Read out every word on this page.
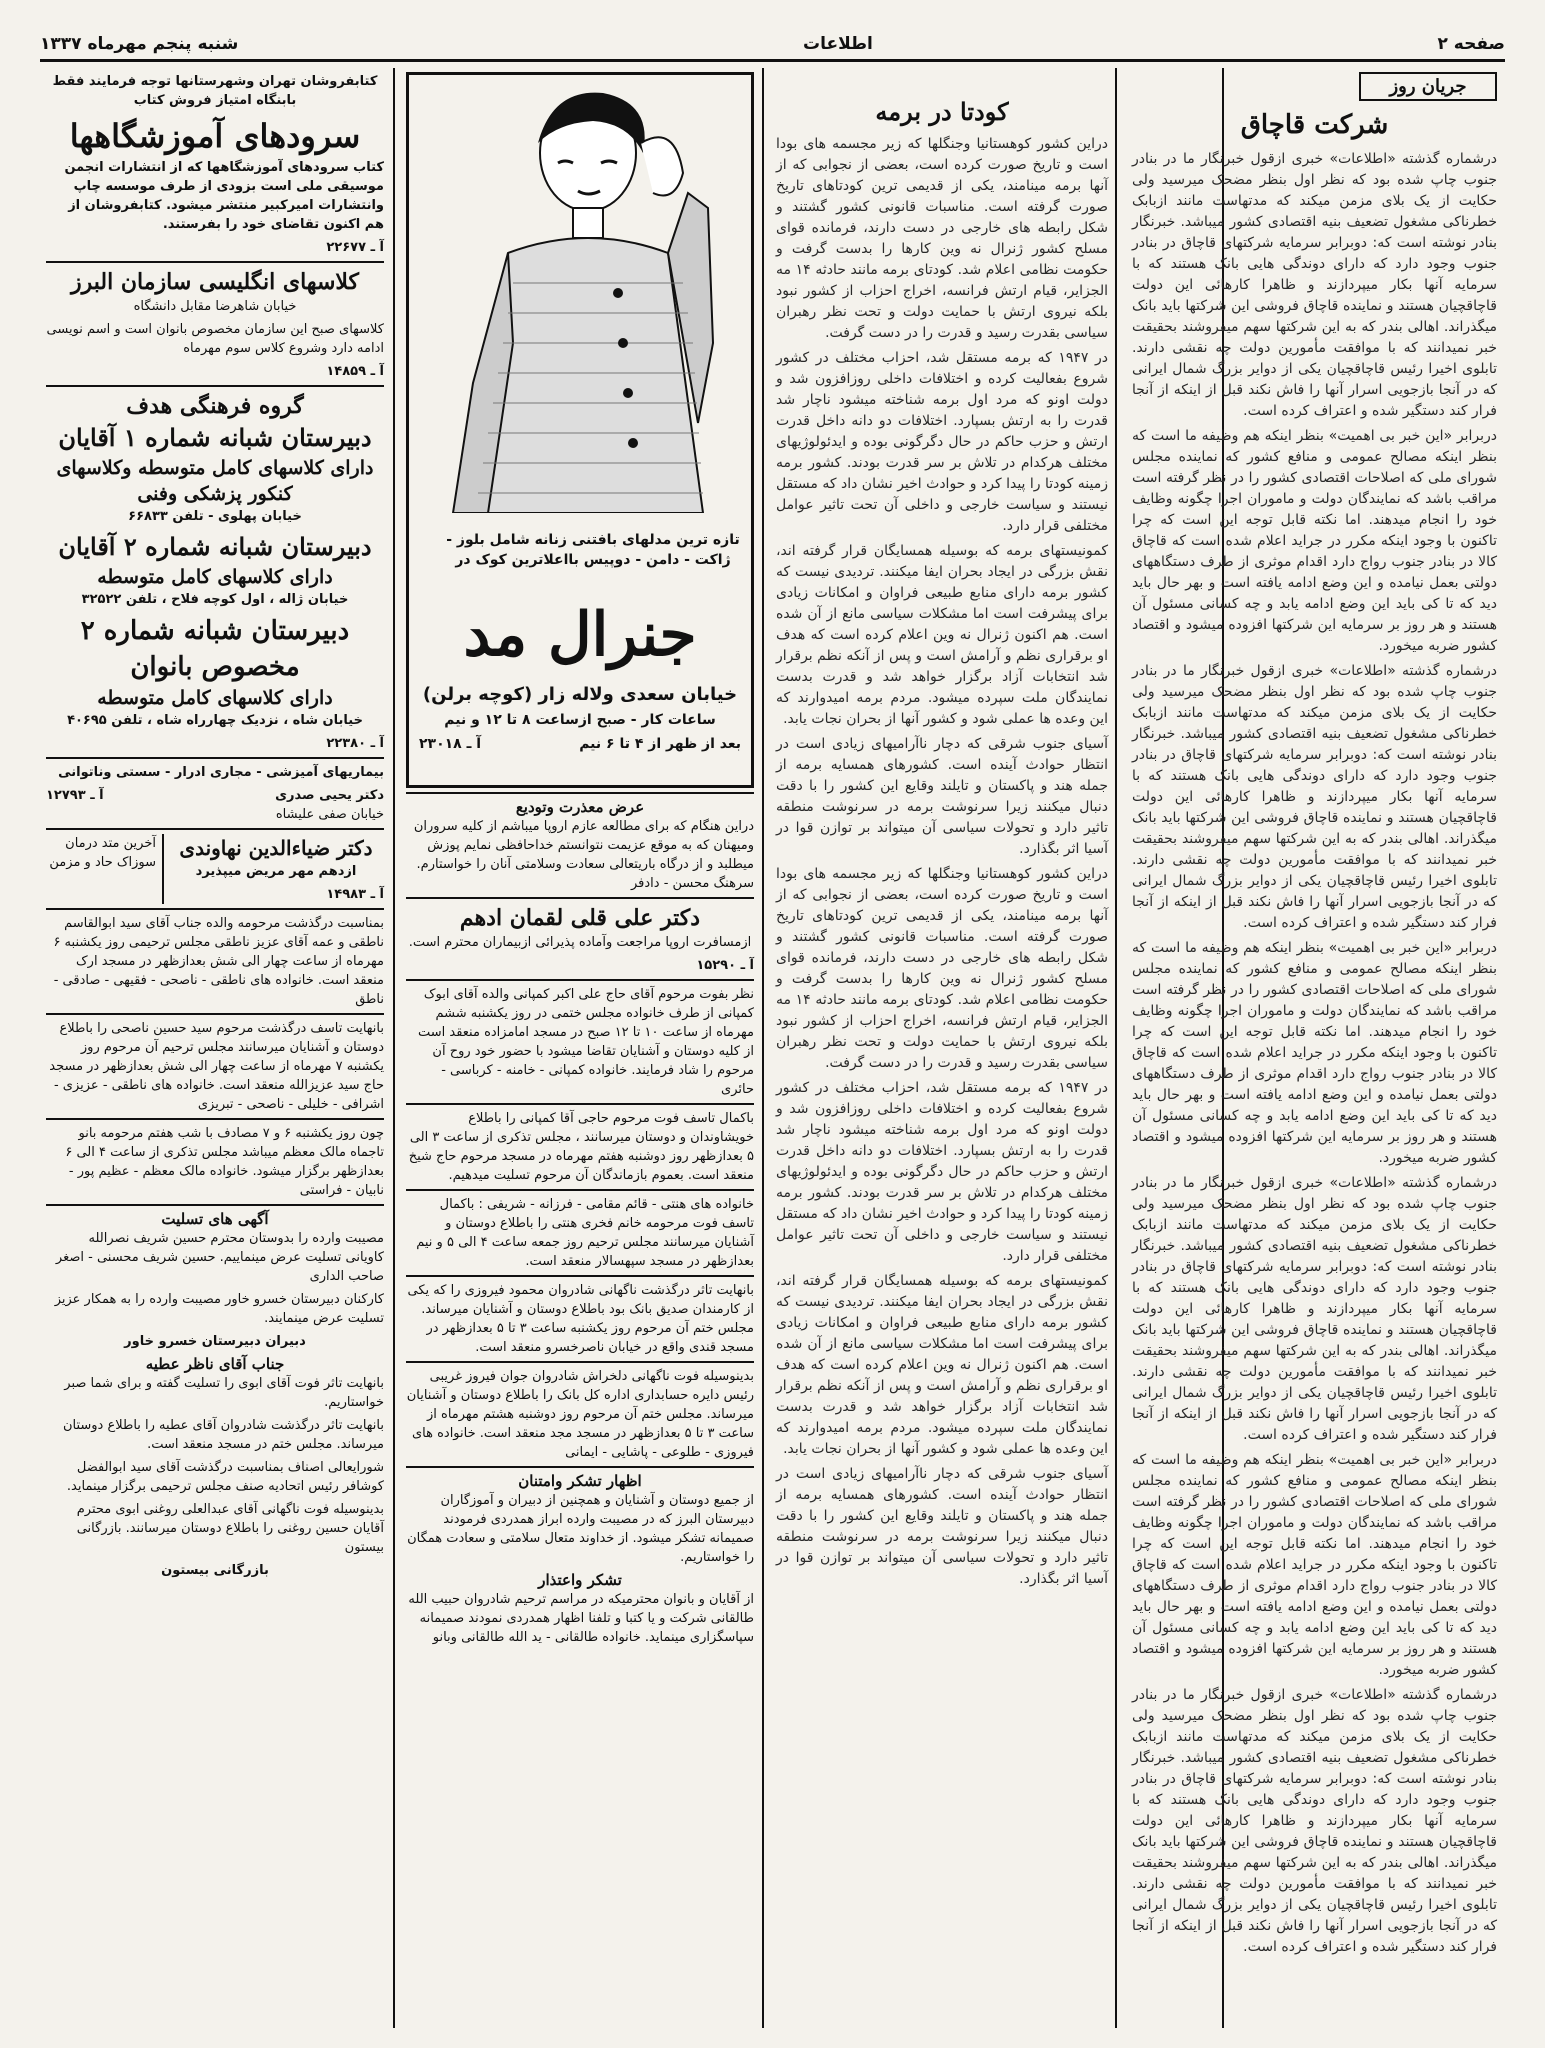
صفحه ۲
اطلاعات
شنبه پنجم مهرماه ۱۳۳۷
جریان روز
شرکت قاچاق

درشماره گذشته «اطلاعات» خبری ازقول خبرنگار ما در بنادر جنوب چاپ شده بود که نظر اول بنظر مضحک میرسید ولی حکایت از یک بلای مزمن میکند که مدتهاست مانند ازبابک خطرناکی مشغول تضعیف بنیه اقتصادی کشور میباشد. خبرنگار بنادر نوشته است که: دوبرابر سرمایه شرکتهای قاچاق در بنادر جنوب وجود دارد که دارای دوندگی هایی بانک هستند که با سرمایه آنها بکار میپردازند و ظاهرا کارهائی این دولت قاچاقچیان هستند و نماینده قاچاق فروشی این شرکتها باید بانک میگذراند. اهالی بندر که به این شرکتها سهم میفروشند بحقیقت خبر نمیدانند که با موافقت مأمورین دولت چه نقشی دارند. تابلوی اخیرا رئیس قاچاقچیان یکی از دوایر بزرگ شمال ایرانی که در آنجا بازجویی اسرار آنها را فاش نکند قبل از اینکه از آنجا فرار کند دستگیر شده و اعتراف کرده است.

دربرابر «این خبر بی اهمیت» بنظر اینکه هم وظیفه ما است که بنظر اینکه مصالح عمومی و منافع کشور که نماینده مجلس شورای ملی که اصلاحات اقتصادی کشور را در نظر گرفته است مراقب باشد که نمایندگان دولت و ماموران اجرا چگونه وظایف خود را انجام میدهند. اما نکته قابل توجه این است که چرا تاکنون با وجود اینکه مکرر در جراید اعلام شده است که قاچاق کالا در بنادر جنوب رواج دارد اقدام موثری از طرف دستگاههای دولتی بعمل نیامده و این وضع ادامه یافته است و بهر حال باید دید که تا کی باید این وضع ادامه یابد و چه کسانی مسئول آن هستند و هر روز بر سرمایه این شرکتها افزوده میشود و اقتصاد کشور ضربه میخورد.

درشماره گذشته «اطلاعات» خبری ازقول خبرنگار ما در بنادر جنوب چاپ شده بود که نظر اول بنظر مضحک میرسید ولی حکایت از یک بلای مزمن میکند که مدتهاست مانند ازبابک خطرناکی مشغول تضعیف بنیه اقتصادی کشور میباشد. خبرنگار بنادر نوشته است که: دوبرابر سرمایه شرکتهای قاچاق در بنادر جنوب وجود دارد که دارای دوندگی هایی بانک هستند که با سرمایه آنها بکار میپردازند و ظاهرا کارهائی این دولت قاچاقچیان هستند و نماینده قاچاق فروشی این شرکتها باید بانک میگذراند. اهالی بندر که به این شرکتها سهم میفروشند بحقیقت خبر نمیدانند که با موافقت مأمورین دولت چه نقشی دارند. تابلوی اخیرا رئیس قاچاقچیان یکی از دوایر بزرگ شمال ایرانی که در آنجا بازجویی اسرار آنها را فاش نکند قبل از اینکه از آنجا فرار کند دستگیر شده و اعتراف کرده است.

دربرابر «این خبر بی اهمیت» بنظر اینکه هم وظیفه ما است که بنظر اینکه مصالح عمومی و منافع کشور که نماینده مجلس شورای ملی که اصلاحات اقتصادی کشور را در نظر گرفته است مراقب باشد که نمایندگان دولت و ماموران اجرا چگونه وظایف خود را انجام میدهند. اما نکته قابل توجه این است که چرا تاکنون با وجود اینکه مکرر در جراید اعلام شده است که قاچاق کالا در بنادر جنوب رواج دارد اقدام موثری از طرف دستگاههای دولتی بعمل نیامده و این وضع ادامه یافته است و بهر حال باید دید که تا کی باید این وضع ادامه یابد و چه کسانی مسئول آن هستند و هر روز بر سرمایه این شرکتها افزوده میشود و اقتصاد کشور ضربه میخورد.

درشماره گذشته «اطلاعات» خبری ازقول خبرنگار ما در بنادر جنوب چاپ شده بود که نظر اول بنظر مضحک میرسید ولی حکایت از یک بلای مزمن میکند که مدتهاست مانند ازبابک خطرناکی مشغول تضعیف بنیه اقتصادی کشور میباشد. خبرنگار بنادر نوشته است که: دوبرابر سرمایه شرکتهای قاچاق در بنادر جنوب وجود دارد که دارای دوندگی هایی بانک هستند که با سرمایه آنها بکار میپردازند و ظاهرا کارهائی این دولت قاچاقچیان هستند و نماینده قاچاق فروشی این شرکتها باید بانک میگذراند. اهالی بندر که به این شرکتها سهم میفروشند بحقیقت خبر نمیدانند که با موافقت مأمورین دولت چه نقشی دارند. تابلوی اخیرا رئیس قاچاقچیان یکی از دوایر بزرگ شمال ایرانی که در آنجا بازجویی اسرار آنها را فاش نکند قبل از اینکه از آنجا فرار کند دستگیر شده و اعتراف کرده است.

دربرابر «این خبر بی اهمیت» بنظر اینکه هم وظیفه ما است که بنظر اینکه مصالح عمومی و منافع کشور که نماینده مجلس شورای ملی که اصلاحات اقتصادی کشور را در نظر گرفته است مراقب باشد که نمایندگان دولت و ماموران اجرا چگونه وظایف خود را انجام میدهند. اما نکته قابل توجه این است که چرا تاکنون با وجود اینکه مکرر در جراید اعلام شده است که قاچاق کالا در بنادر جنوب رواج دارد اقدام موثری از طرف دستگاههای دولتی بعمل نیامده و این وضع ادامه یافته است و بهر حال باید دید که تا کی باید این وضع ادامه یابد و چه کسانی مسئول آن هستند و هر روز بر سرمایه این شرکتها افزوده میشود و اقتصاد کشور ضربه میخورد.

درشماره گذشته «اطلاعات» خبری ازقول خبرنگار ما در بنادر جنوب چاپ شده بود که نظر اول بنظر مضحک میرسید ولی حکایت از یک بلای مزمن میکند که مدتهاست مانند ازبابک خطرناکی مشغول تضعیف بنیه اقتصادی کشور میباشد. خبرنگار بنادر نوشته است که: دوبرابر سرمایه شرکتهای قاچاق در بنادر جنوب وجود دارد که دارای دوندگی هایی بانک هستند که با سرمایه آنها بکار میپردازند و ظاهرا کارهائی این دولت قاچاقچیان هستند و نماینده قاچاق فروشی این شرکتها باید بانک میگذراند. اهالی بندر که به این شرکتها سهم میفروشند بحقیقت خبر نمیدانند که با موافقت مأمورین دولت چه نقشی دارند. تابلوی اخیرا رئیس قاچاقچیان یکی از دوایر بزرگ شمال ایرانی که در آنجا بازجویی اسرار آنها را فاش نکند قبل از اینکه از آنجا فرار کند دستگیر شده و اعتراف کرده است.

کودتا در برمه

دراین کشور کوهستانیا وجنگلها که زیر مجسمه های بودا است و تاریخ صورت کرده است، بعضی از نجوابی که از آنها برمه مینامند، یکی از قدیمی ترین کودتاهای تاریخ صورت گرفته است. مناسبات قانونی کشور گشتند و شکل رابطه های خارجی در دست دارند، فرمانده قوای مسلح کشور ژنرال نه وین کارها را بدست گرفت و حکومت نظامی اعلام شد. کودتای برمه مانند حادثه ۱۴ مه الجزایر، قیام ارتش فرانسه، اخراج احزاب از کشور نبود بلکه نیروی ارتش با حمایت دولت و تحت نظر رهبران سیاسی بقدرت رسید و قدرت را در دست گرفت.

در ۱۹۴۷ که برمه مستقل شد، احزاب مختلف در کشور شروع بفعالیت کرده و اختلافات داخلی روزافزون شد و دولت اونو که مرد اول برمه شناخته میشود ناچار شد قدرت را به ارتش بسپارد. اختلافات دو دانه داخل قدرت ارتش و حزب حاکم در حال دگرگونی بوده و ایدئولوژیهای مختلف هرکدام در تلاش بر سر قدرت بودند. کشور برمه زمینه کودتا را پیدا کرد و حوادث اخیر نشان داد که مستقل نیستند و سیاست خارجی و داخلی آن تحت تاثیر عوامل مختلفی قرار دارد.

کمونیستهای برمه که بوسیله همسایگان قرار گرفته اند، نقش بزرگی در ایجاد بحران ایفا میکنند. تردیدی نیست که کشور برمه دارای منابع طبیعی فراوان و امکانات زیادی برای پیشرفت است اما مشکلات سیاسی مانع از آن شده است. هم اکنون ژنرال نه وین اعلام کرده است که هدف او برقراری نظم و آرامش است و پس از آنکه نظم برقرار شد انتخابات آزاد برگزار خواهد شد و قدرت بدست نمایندگان ملت سپرده میشود. مردم برمه امیدوارند که این وعده ها عملی شود و کشور آنها از بحران نجات یابد.

آسیای جنوب شرقی که دچار ناآرامیهای زیادی است در انتظار حوادث آینده است. کشورهای همسایه برمه از جمله هند و پاکستان و تایلند وقایع این کشور را با دقت دنبال میکنند زیرا سرنوشت برمه در سرنوشت منطقه تاثیر دارد و تحولات سیاسی آن میتواند بر توازن قوا در آسیا اثر بگذارد.

دراین کشور کوهستانیا وجنگلها که زیر مجسمه های بودا است و تاریخ صورت کرده است، بعضی از نجوابی که از آنها برمه مینامند، یکی از قدیمی ترین کودتاهای تاریخ صورت گرفته است. مناسبات قانونی کشور گشتند و شکل رابطه های خارجی در دست دارند، فرمانده قوای مسلح کشور ژنرال نه وین کارها را بدست گرفت و حکومت نظامی اعلام شد. کودتای برمه مانند حادثه ۱۴ مه الجزایر، قیام ارتش فرانسه، اخراج احزاب از کشور نبود بلکه نیروی ارتش با حمایت دولت و تحت نظر رهبران سیاسی بقدرت رسید و قدرت را در دست گرفت.

در ۱۹۴۷ که برمه مستقل شد، احزاب مختلف در کشور شروع بفعالیت کرده و اختلافات داخلی روزافزون شد و دولت اونو که مرد اول برمه شناخته میشود ناچار شد قدرت را به ارتش بسپارد. اختلافات دو دانه داخل قدرت ارتش و حزب حاکم در حال دگرگونی بوده و ایدئولوژیهای مختلف هرکدام در تلاش بر سر قدرت بودند. کشور برمه زمینه کودتا را پیدا کرد و حوادث اخیر نشان داد که مستقل نیستند و سیاست خارجی و داخلی آن تحت تاثیر عوامل مختلفی قرار دارد.

کمونیستهای برمه که بوسیله همسایگان قرار گرفته اند، نقش بزرگی در ایجاد بحران ایفا میکنند. تردیدی نیست که کشور برمه دارای منابع طبیعی فراوان و امکانات زیادی برای پیشرفت است اما مشکلات سیاسی مانع از آن شده است. هم اکنون ژنرال نه وین اعلام کرده است که هدف او برقراری نظم و آرامش است و پس از آنکه نظم برقرار شد انتخابات آزاد برگزار خواهد شد و قدرت بدست نمایندگان ملت سپرده میشود. مردم برمه امیدوارند که این وعده ها عملی شود و کشور آنها از بحران نجات یابد.

آسیای جنوب شرقی که دچار ناآرامیهای زیادی است در انتظار حوادث آینده است. کشورهای همسایه برمه از جمله هند و پاکستان و تایلند وقایع این کشور را با دقت دنبال میکنند زیرا سرنوشت برمه در سرنوشت منطقه تاثیر دارد و تحولات سیاسی آن میتواند بر توازن قوا در آسیا اثر بگذارد.

تازه ترین مدلهای بافتنی زنانه شامل بلوز - ژاکت - دامن - دوپیس بااعلاترین کوک در
جنرال مد
خیابان سعدی ولاله زار (کوچه برلن)
ساعات کار - صبح ازساعت ۸ تا ۱۲ و نیم
بعد از ظهر از ۴ تا ۶ نیم
آ ـ ۲۳۰۱۸
عرض معذرت وتودیع

دراین هنگام که برای مطالعه عازم اروپا میباشم از کلیه سروران ومیهنان که به موقع عزیمت نتوانستم خداحافظی نمایم پوزش میطلبد و از درگاه باریتعالی سعادت وسلامتی آنان را خواستارم. سرهنگ محسن - دادفر

دکتر علی قلی لقمان ادهم

ازمسافرت اروپا مراجعت وآماده پذیرائی ازبیماران محترم است.

آ ـ ۱۵۲۹۰

نظر بفوت مرحوم آقای حاج علی اکبر کمپانی والده آقای ابوک کمپانی از طرف خانواده مجلس ختمی در روز یکشنبه ششم مهرماه از ساعت ۱۰ تا ۱۲ صبح در مسجد امامزاده منعقد است از کلیه دوستان و آشنایان تقاضا میشود با حضور خود روح آن مرحوم را شاد فرمایند. خانواده کمپانی - خامنه - کرباسی - حائری

باکمال تاسف فوت مرحوم حاجی آقا کمپانی را باطلاع خویشاوندان و دوستان میرسانند ، مجلس تذکری از ساعت ۳ الی ۵ بعدازظهر روز دوشنبه هفتم مهرماه در مسجد مرحوم حاج شیخ منعقد است. بعموم بازماندگان آن مرحوم تسلیت میدهیم.

خانواده های هنتی - قائم مقامی - فرزانه - شریفی : باکمال تاسف فوت مرحومه خانم فخری هنتی را باطلاع دوستان و آشنایان میرسانند مجلس ترحیم روز جمعه ساعت ۴ الی ۵ و نیم بعدازظهر در مسجد سپهسالار منعقد است.

بانهایت تاثر درگذشت ناگهانی شادروان محمود فیروزی را که یکی از کارمندان صدیق بانک بود باطلاع دوستان و آشنایان میرساند. مجلس ختم آن مرحوم روز یکشنبه ساعت ۳ تا ۵ بعدازظهر در مسجد قندی واقع در خیابان ناصرخسرو منعقد است.

بدینوسیله فوت ناگهانی دلخراش شادروان جوان فیروز غریبی رئیس دایره حسابداری اداره کل بانک را باطلاع دوستان و آشنایان میرساند. مجلس ختم آن مرحوم روز دوشنبه هشتم مهرماه از ساعت ۳ تا ۵ بعدازظهر در مسجد مجد منعقد است. خانواده های فیروزی - طلوعی - پاشایی - ایمانی

اظهار تشکر وامتنان

از جمیع دوستان و آشنایان و همچنین از دبیران و آموزگاران دبیرستان البرز که در مصیبت وارده ابراز همدردی فرمودند صمیمانه تشکر میشود. از خداوند متعال سلامتی و سعادت همگان را خواستاریم.

تشکر واعتذار

از آقایان و بانوان محترمیکه در مراسم ترحیم شادروان حبیب الله طالقانی شرکت و یا کتبا و تلفنا اظهار همدردی نمودند صمیمانه سپاسگزاری مینماید. خانواده طالقانی - ید الله طالقانی وبانو

کتابفروشان تهران وشهرستانها توجه فرمایند فقط بابنگاه امتیاز فروش کتاب

سرودهای آموزشگاهها

کتاب سرودهای آموزشگاهها که از انتشارات انجمن موسیقی ملی است بزودی از طرف موسسه چاپ وانتشارات امیرکبیر منتشر میشود. کتابفروشان از هم اکنون تقاضای خود را بفرستند.

آ ـ ۲۲۶۷۷
کلاسهای انگلیسی سازمان البرز

خیابان شاهرضا مقابل دانشگاه

کلاسهای صبح این سازمان مخصوص بانوان است و اسم نویسی ادامه دارد وشروع کلاس سوم مهرماه

آ ـ ۱۴۸۵۹
گروه فرهنگی هدف
دبیرستان شبانه شماره ۱ آقایان
دارای کلاسهای کامل متوسطه وکلاسهای کنکور پزشکی وفنی

خیابان پهلوی - تلفن ۶۶۸۳۳

دبیرستان شبانه شماره ۲ آقایان
دارای کلاسهای کامل متوسطه

خیابان ژاله ، اول کوچه فلاح ، تلفن ۳۲۵۲۲

دبیرستان شبانه شماره ۲
مخصوص بانوان
دارای کلاسهای کامل متوسطه

خیابان شاه ، نزدیک چهارراه شاه ، تلفن ۴۰۶۹۵

آ ـ ۲۲۳۸۰

بیماریهای آمیزشی - مجاری ادرار - سستی وناتوانی

دکتر یحیی صدری
آ ـ ۱۲۷۹۳

خیابان صفی علیشاه

دکتر ضیاءالدین نهاوندی

ازدهم مهر مریض میپذیرد

آ ـ ۱۴۹۸۳
آخرین متد درمان سوزاک حاد و مزمن

بمناسبت درگذشت مرحومه والده جناب آقای سید ابوالقاسم ناطقی و عمه آقای عزیز ناطقی مجلس ترحیمی روز یکشنبه ۶ مهرماه از ساعت چهار الی شش بعدازظهر در مسجد ارک منعقد است. خانواده های ناطقی - ناصحی - فقیهی - صادقی - ناطق

بانهایت تاسف درگذشت مرحوم سید حسین ناصحی را باطلاع دوستان و آشنایان میرسانند مجلس ترحیم آن مرحوم روز یکشنبه ۷ مهرماه از ساعت چهار الی شش بعدازظهر در مسجد حاج سید عزیزالله منعقد است. خانواده های ناطقی - عزیزی - اشرافی - خلیلی - ناصحی - تبریزی

چون روز یکشنبه ۶ و ۷ مصادف با شب هفتم مرحومه بانو تاجماه مالک معظم میباشد مجلس تذکری از ساعت ۴ الی ۶ بعدازظهر برگزار میشود. خانواده مالک معظم - عظیم پور - نابیان - فراستی

آگهی های تسلیت

مصیبت وارده را بدوستان محترم حسین شریف نصرالله کاویانی تسلیت عرض مینماییم. حسین شریف محسنی - اصغر صاحب الداری

کارکنان دبیرستان خسرو خاور مصیبت وارده را به همکار عزیز تسلیت عرض مینمایند.

دبیران دبیرستان خسرو خاور

جناب آقای ناظر عطیه

بانهایت تاثر فوت آقای ابوی را تسلیت گفته و برای شما صبر خواستاریم.

بانهایت تاثر درگذشت شادروان آقای عطیه را باطلاع دوستان میرساند. مجلس ختم در مسجد منعقد است.

شورایعالی اصناف بمناسبت درگذشت آقای سید ابوالفضل کوشافر رئیس اتحادیه صنف مجلس ترحیمی برگزار مینماید.

بدینوسیله فوت ناگهانی آقای عبدالعلی روغنی ابوی محترم آقایان حسین روغنی را باطلاع دوستان میرسانند. بازرگانی بیستون

بازرگانی بیستون
